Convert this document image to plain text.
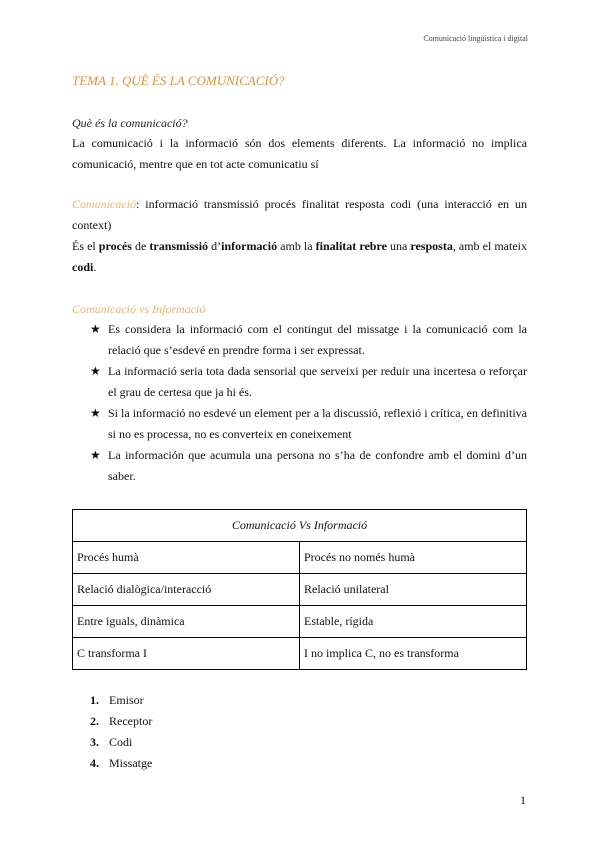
Comunicació lingüística i digital
TEMA 1. QUÈ ÉS LA COMUNICACIÓ?
Què és la comunicació?
La comunicació i la informació són dos elements diferents. La informació no implica comunicació, mentre que en tot acte comunicatiu sí
Comunicació: informació transmissió procés finalitat resposta codi (una interacció en un context)
És el procés de transmissió d’informació amb la finalitat rebre una resposta, amb el mateix codi.
Comunicació vs Informació
★ Es considera la informació com el contingut del missatge i la comunicació com la relació que s’esdevé en prendre forma i ser expressat.
★ La informació seria tota dada sensorial que serveixi per reduir una incertesa o reforçar el grau de certesa que ja hi és.
★ Si la informació no esdevé un element per a la discussió, reflexió i crítica, en definitiva si no es processa, no es converteix en coneixement
★ La información que acumula una persona no s’ha de confondre amb el domini d’un saber.
Comunicació Vs Informació	
Procés humà	Procés no només humà
Relació dialògica/interacció	Relació unilateral
Entre iguals, dinàmica	Estable, rígida
C transforma I	I no implica C, no es transforma
1. Emisor
2. Receptor
3. Codi
4. Missatge
1
